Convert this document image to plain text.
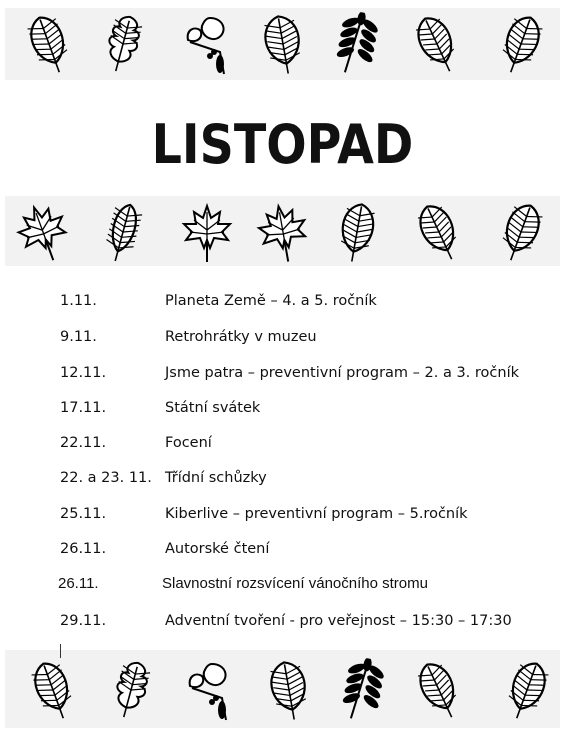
LISTOPAD
1.11.	Planeta Země – 4. a 5. ročník
9.11.	Retrohrátky v muzeu
12.11.	Jsme patra – preventivní program – 2. a 3. ročník
17.11.	Státní svátek
22.11.	Focení
22. a 23. 11. Třídní schůzky
25.11.	Kiberlive – preventivní program – 5.ročník
26.11.	Autorské čtení
26.11.	Slavnostní rozsvícení vánočního stromu
29.11.	Adventní tvoření - pro veřejnost – 15:30 – 17:30
